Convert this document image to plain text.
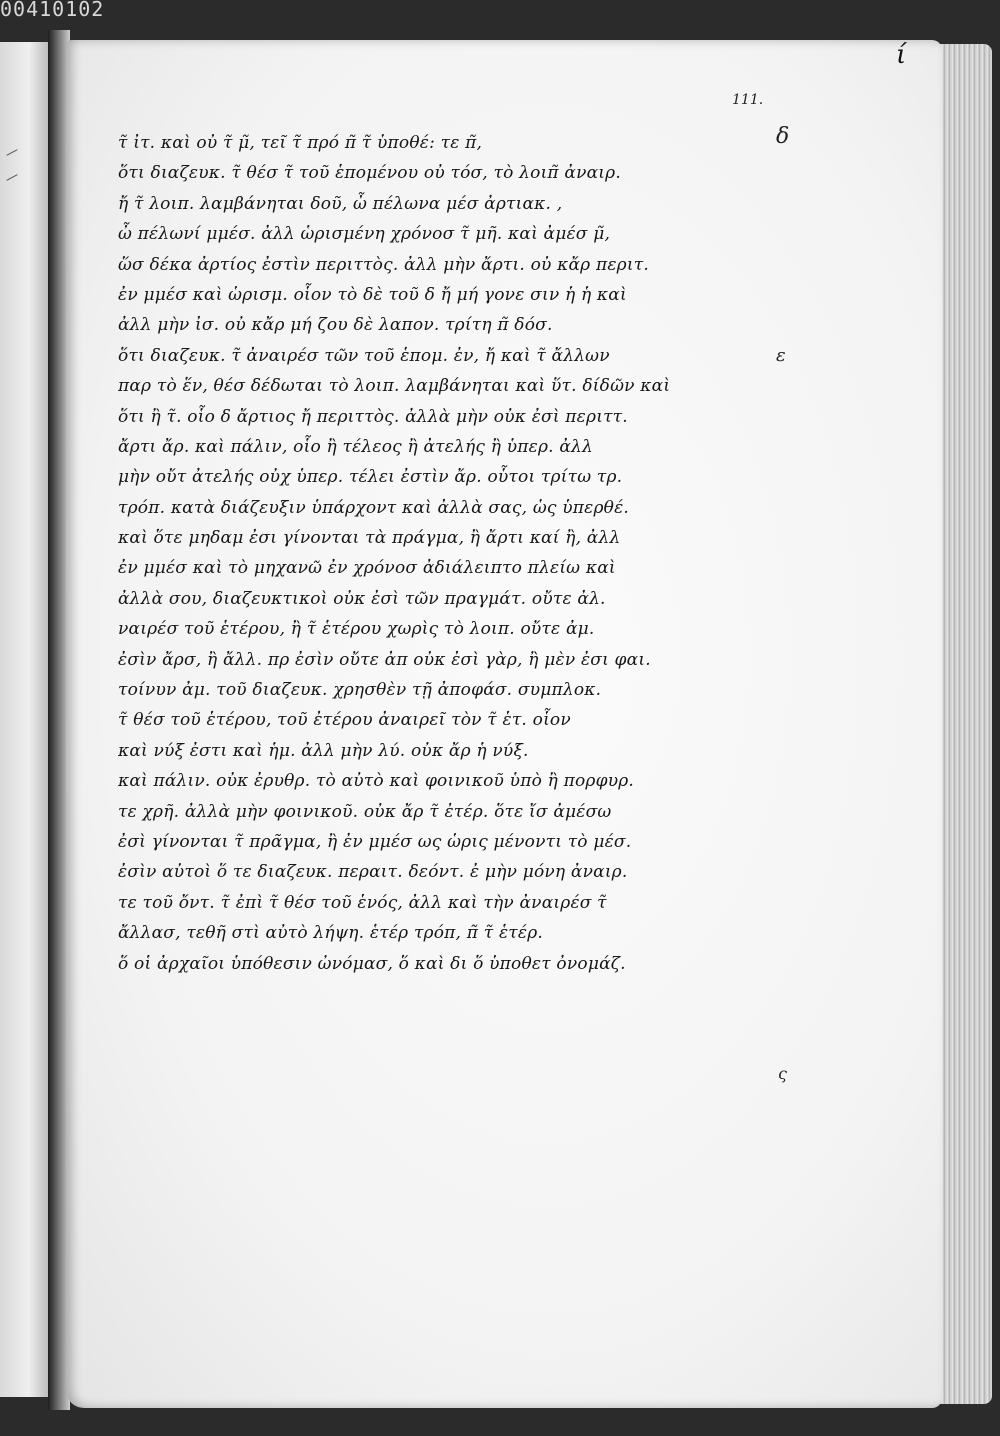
00410102
ί
111.
δ
ε
ς
τ̃ ἰτ. καὶ οὐ τ̃ μ̃, τεῖ τ̃ πρό π̃ τ̃ ὑποθέ: τε π̃,
ὅτι διαζευκ. τ̃ θέσ τ̃ τοῦ ἑπομένου οὐ τόσ, τὸ λοιπ̃ ἀναιρ.
ἤ τ̃ λοιπ. λαμβάνηται δοῦ, ὦ πέλωνα μέσ ἀρτιακ. ,
ὦ πέλωνί μμέσ. ἀλλ ὡρισμένη χρόνοσ τ̃ μῆ. καὶ ἀμέσ μ̃,
ὥσ δέκα ἀρτίος ἐστὶν περιττὸς. ἀλλ μὴν ἄρτι. οὐ κἄρ περιτ.
ἐν μμέσ καὶ ὡρισμ. οἷον τὸ δὲ τοῦ δ ἤ μή γονε σιν ἡ ἡ καὶ
ἀλλ μὴν ἰσ. οὐ κἄρ μή ζου δὲ λαπον. τρίτη π̃ δόσ.
ὅτι διαζευκ. τ̃ ἀναιρέσ τῶν τοῦ ἑπομ. ἐν, ἤ καὶ τ̃ ἄλλων
παρ τὸ ἕν, θέσ δέδωται τὸ λοιπ. λαμβάνηται καὶ ὕτ. δίδῶν καὶ
ὅτι ἢ τ̃. οἷο δ ἄρτιος ἤ περιττὸς. ἀλλὰ μὴν οὐκ ἐσὶ περιττ.
ἄρτι ἄρ. καὶ πάλιν, οἷο ἢ τέλεος ἢ ἀτελής ἢ ὑπερ. ἀλλ
μὴν οὔτ ἀτελής οὐχ ὑπερ. τέλει ἐστὶν ἄρ. οὗτοι τρίτω τρ.
τρόπ. κατὰ διάζευξιν ὑπάρχοντ καὶ ἀλλὰ σας, ὡς ὑπερθέ.
καὶ ὅτε μηδαμ ἐσι γίνονται τὰ πράγμα, ἢ ἄρτι καί ἢ, ἀλλ
ἐν μμέσ καὶ τὸ μηχανῶ ἐν χρόνοσ ἀδιάλειπτο πλείω καὶ
ἀλλὰ σου, διαζευκτικοὶ οὐκ ἐσὶ τῶν πραγμάτ. οὔτε ἀλ.
ναιρέσ τοῦ ἑτέρου, ἢ τ̃ ἑτέρου χωρὶς τὸ λοιπ. οὔτε ἀμ.
ἐσὶν ἄρσ, ἢ ἄλλ. πρ ἐσὶν οὔτε ἀπ οὐκ ἐσὶ γὰρ, ἢ μὲν ἐσι φαι.
τοίνυν ἀμ. τοῦ διαζευκ. χρησθὲν τῇ ἀποφάσ. συμπλοκ.
τ̃ θέσ τοῦ ἑτέρου, τοῦ ἐτέρου ἀναιρεῖ τὸν τ̃ ἑτ. οἷον
καὶ νύξ ἐστι καὶ ἡμ. ἀλλ μὴν λύ. οὐκ ἄρ ἡ νύξ.
καὶ πάλιν. οὐκ ἐρυθρ. τὸ αὐτὸ καὶ φοινικοῦ ὑπὸ ἢ πορφυρ.
τε χρῆ. ἀλλὰ μὴν φοινικοῦ. οὐκ ἄρ τ̃ ἐτέρ. ὅτε ἴσ ἀμέσω
ἐσὶ γίνονται τ̃ πρᾶγμα, ἢ ἐν μμέσ ως ὡρις μένοντι τὸ μέσ.
ἐσὶν αὐτοὶ ὅ τε διαζευκ. περαιτ. δεόντ. ἐ μὴν μόνη ἀναιρ.
τε τοῦ ὄντ. τ̃ ἐπὶ τ̃ θέσ τοῦ ἑνός, ἀλλ καὶ τὴν ἀναιρέσ τ̃
ἄλλασ, τεθῆ στὶ αὐτὸ λήψη. ἑτέρ τρόπ, π̃ τ̃ ἑτέρ.
ὅ οἱ ἀρχαῖοι ὑπόθεσιν ὠνόμασ, ὅ καὶ δι ὅ ὑποθετ ὀνομάζ.
